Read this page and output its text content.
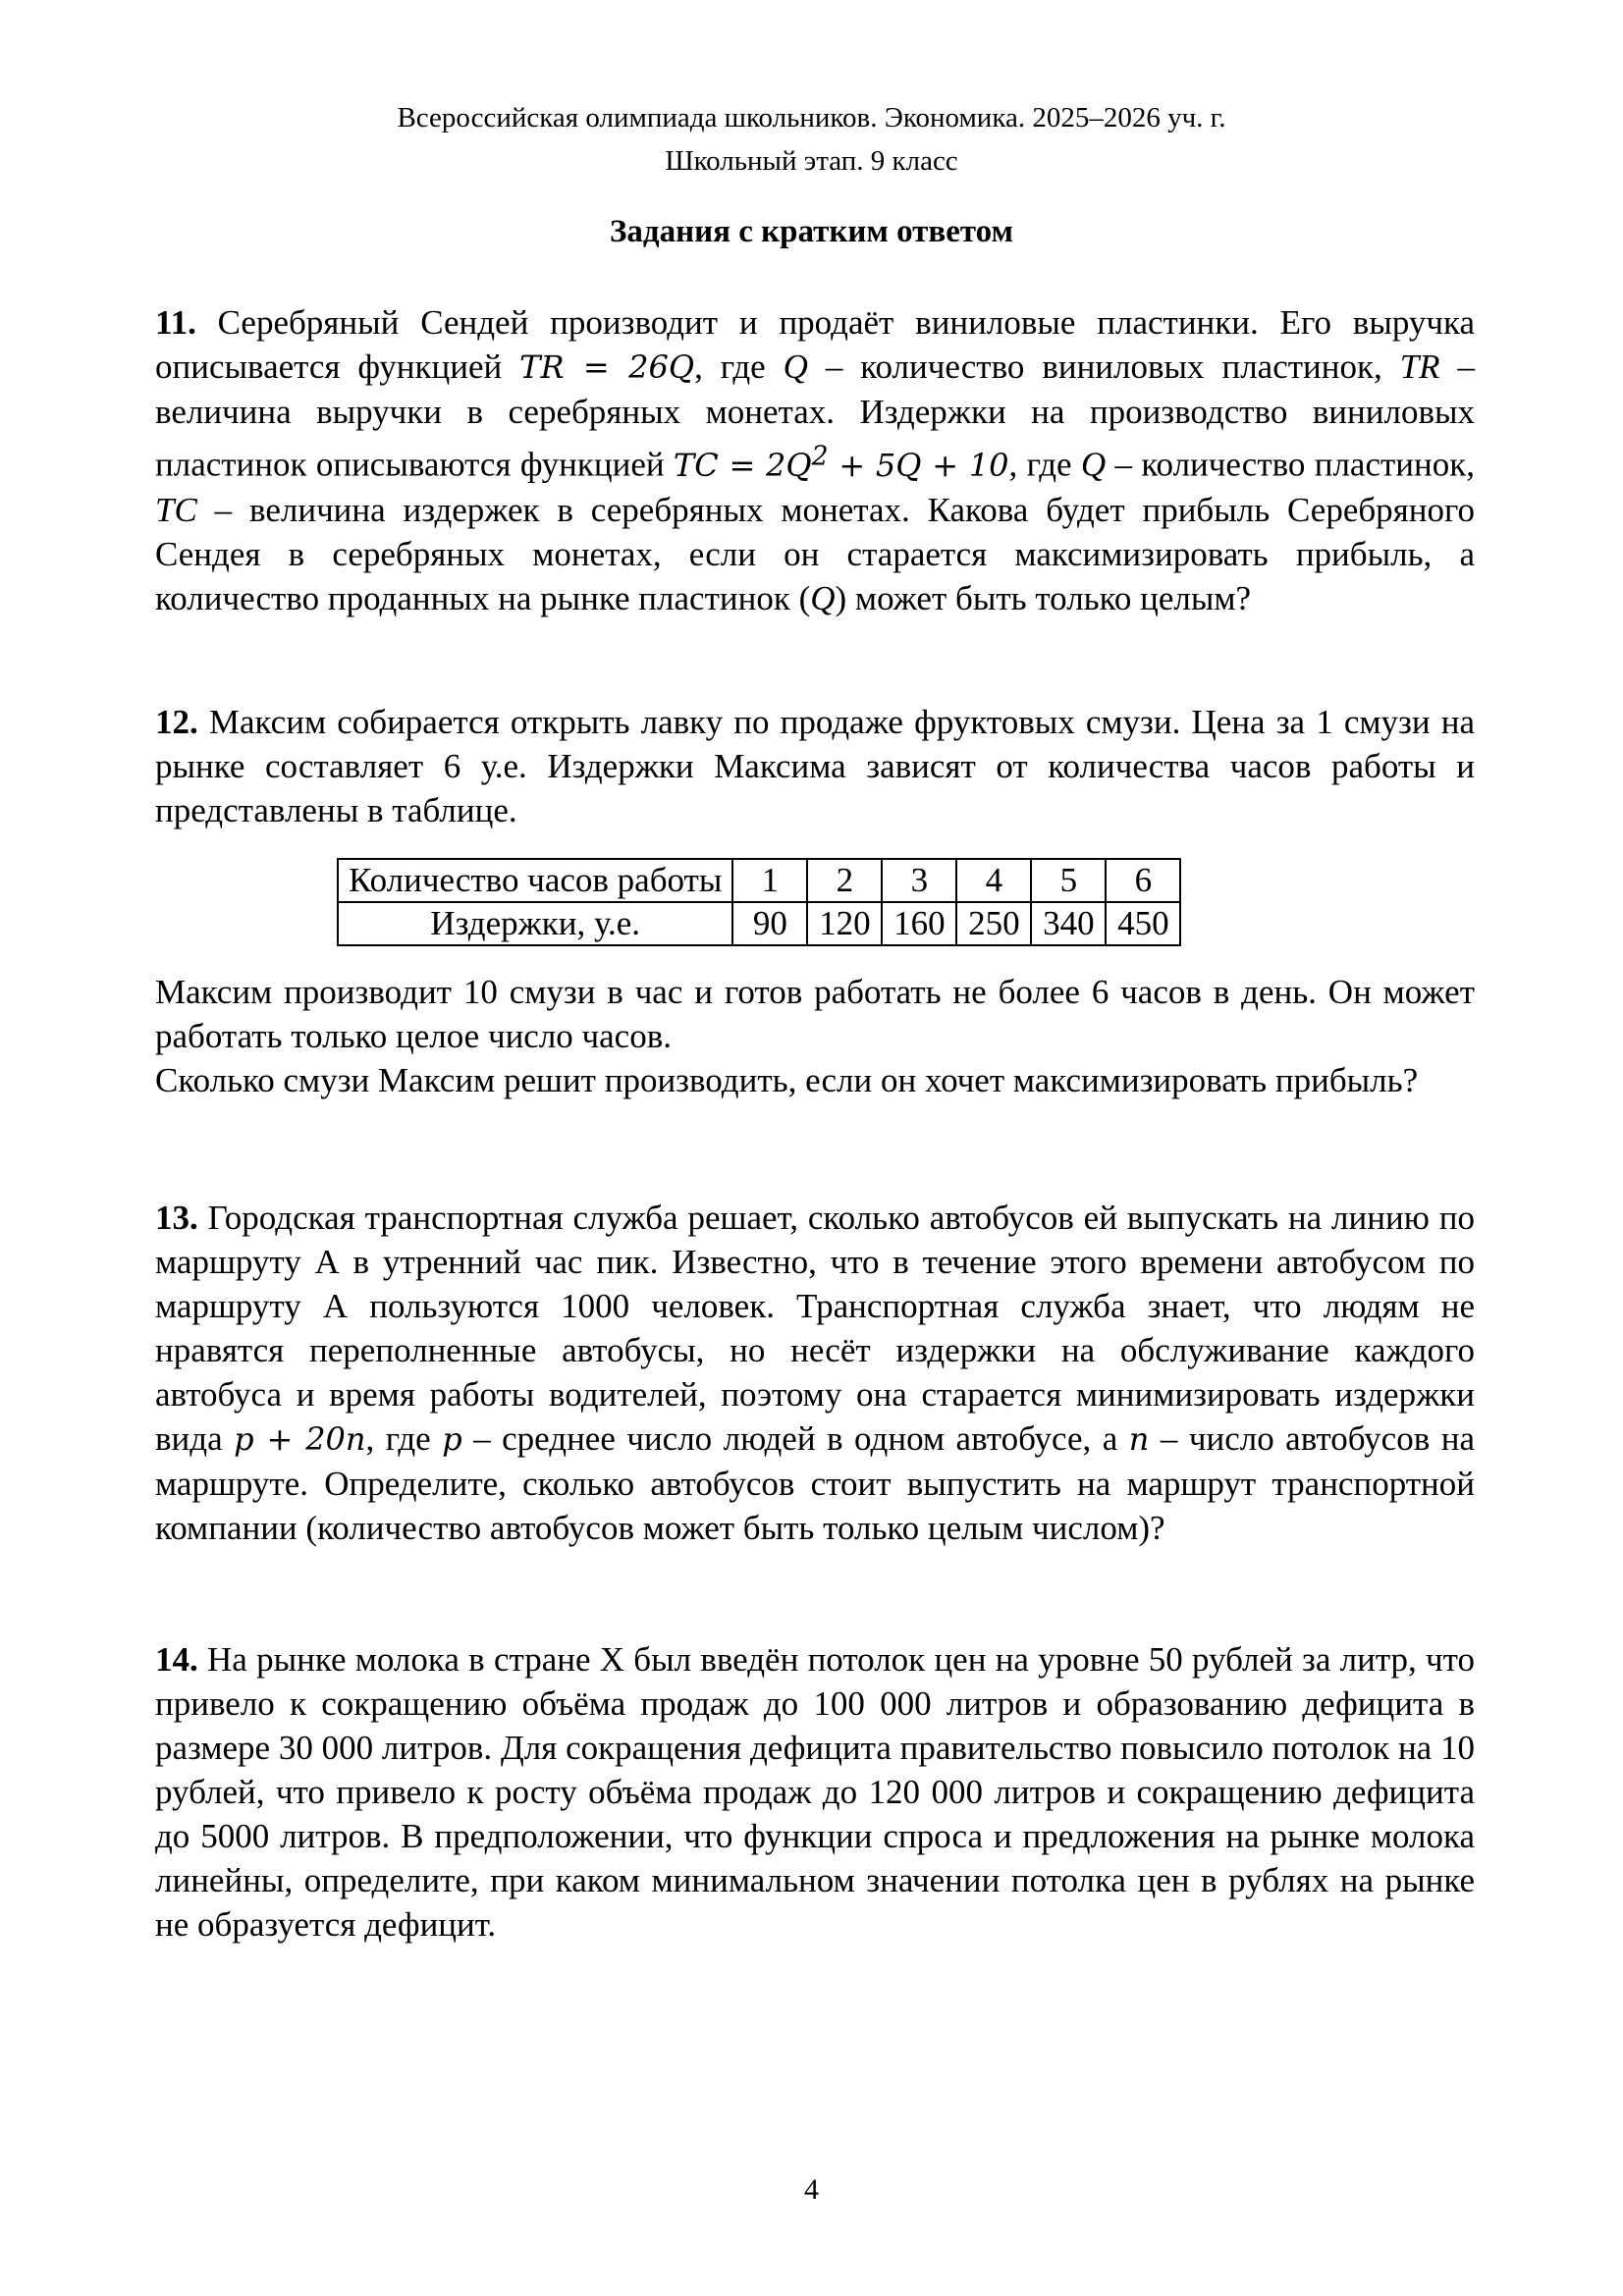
Всероссийская олимпиада школьников. Экономика. 2025–2026 уч. г.
Школьный этап. 9 класс
Задания с кратким ответом

11. Серебряный Сендей производит и продаёт виниловые пластинки. Его выручка описывается функцией TR = 26Q, где Q – количество виниловых пластинок, TR – величина выручки в серебряных монетах. Издержки на производство виниловых пластинок описываются функцией TC = $2Q^2 + 5Q + 10$, где Q – количество пластинок, TC – величина издержек в серебряных монетах. Какова будет прибыль Серебряного Сендея в серебряных монетах, если он старается максимизировать прибыль, а количество проданных на рынке пластинок (Q) может быть только целым?

12. Максим собирается открыть лавку по продаже фруктовых смузи. Цена за 1 смузи на рынке составляет 6 у.е. Издержки Максима зависят от количества часов работы и представлены в таблице.

Количество часов работы	1	2	3	4	5	6
Издержки, у.е.	90	120	160	250	340	450

Максим производит 10 смузи в час и готов работать не более 6 часов в день. Он может работать только целое число часов.

Сколько смузи Максим решит производить, если он хочет максимизировать прибыль?

13. Городская транспортная служба решает, сколько автобусов ей выпускать на линию по маршруту А в утренний час пик. Известно, что в течение этого времени автобусом по маршруту А пользуются 1000 человек. Транспортная служба знает, что людям не нравятся переполненные автобусы, но несёт издержки на обслуживание каждого автобуса и время работы водителей, поэтому она старается минимизировать издержки вида p + 20n, где p – среднее число людей в одном автобусе, а n – число автобусов на маршруте. Определите, сколько автобусов стоит выпустить на маршрут транспортной компании (количество автобусов может быть только целым числом)?

14. На рынке молока в стране X был введён потолок цен на уровне 50 рублей за литр, что привело к сокращению объёма продаж до 100 000 литров и образованию дефицита в размере 30 000 литров. Для сокращения дефицита правительство повысило потолок на 10 рублей, что привело к росту объёма продаж до 120 000 литров и сокращению дефицита до 5000 литров. В предположении, что функции спроса и предложения на рынке молока линейны, определите, при каком минимальном значении потолка цен в рублях на рынке не образуется дефицит.

4
